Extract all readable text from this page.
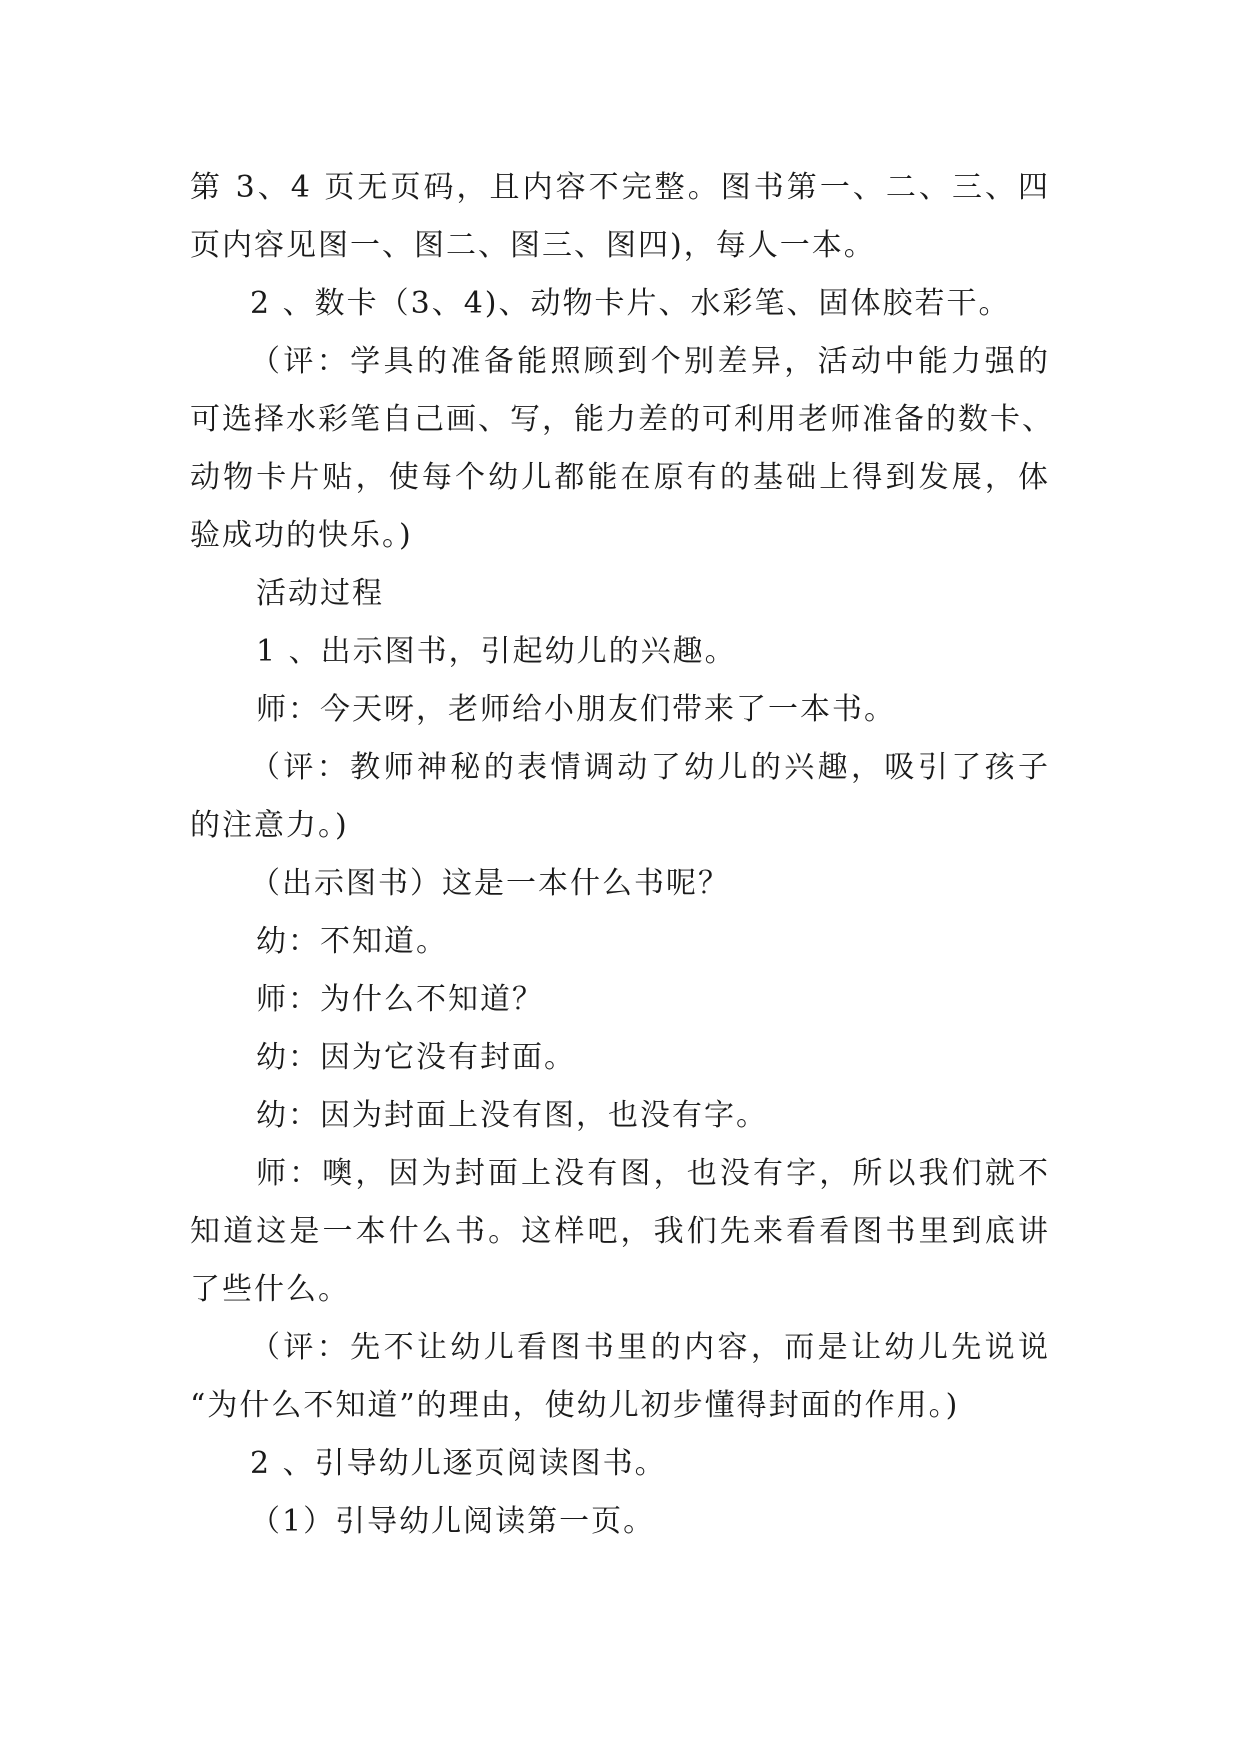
第 3、4 页无页码，且内容不完整。图书第一、二、三、四
页内容见图一、图二、图三、图四)，每人一本。
2 、数卡（3、4)、动物卡片、水彩笔、固体胶若干。
（评：学具的准备能照顾到个别差异，活动中能力强的
可选择水彩笔自己画、写，能力差的可利用老师准备的数卡、
动物卡片贴，使每个幼儿都能在原有的基础上得到发展，体
验成功的快乐。)
活动过程
1 、出示图书，引起幼儿的兴趣。
师：今天呀，老师给小朋友们带来了一本书。
（评：教师神秘的表情调动了幼儿的兴趣，吸引了孩子
的注意力。)
（出示图书）这是一本什么书呢？
幼：不知道。
师：为什么不知道？
幼：因为它没有封面。
幼：因为封面上没有图，也没有字。
师：噢，因为封面上没有图，也没有字，所以我们就不
知道这是一本什么书。这样吧，我们先来看看图书里到底讲
了些什么。
（评：先不让幼儿看图书里的内容，而是让幼儿先说说
“为什么不知道”的理由，使幼儿初步懂得封面的作用。)
2 、引导幼儿逐页阅读图书。
（1）引导幼儿阅读第一页。
